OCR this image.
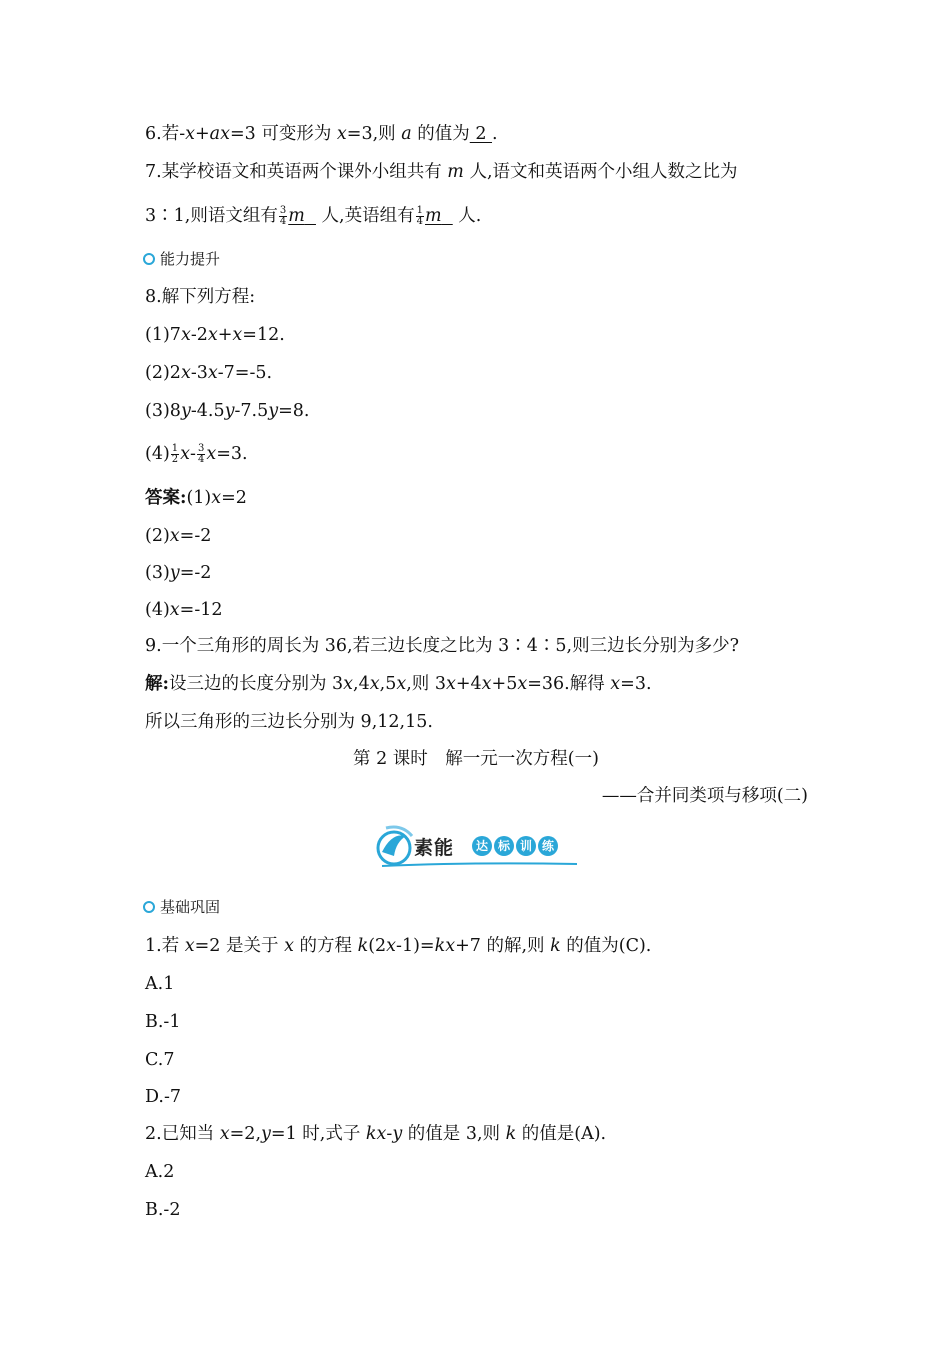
6.若-x+ax=3 可变形为 x=3,则 a 的值为 2 .
7.某学校语文和英语两个课外小组共有 m 人,语文和英语两个小组人数之比为
3∶1,则语文组有 $\frac{3}{4}$ m   人,英语组有 $\frac{1}{4}$ m   人.
能力提升
8.解下列方程:
(1)7x-2x+x=12.
(2)2x-3x-7=-5.
(3)8y-4.5y-7.5y=8.
$(4) \frac{1}{2} x- \frac{3}{4} x=3$.
答案:(1)x=2
(2)x=-2
(3)y=-2
(4)x=-12
9.一个三角形的周长为 36,若三边长度之比为 3∶4∶5,则三边长分别为多少?
解:设三边的长度分别为 3x,4x,5x,则 3x+4x+5x=36.解得 x=3.
所以三角形的三边长分别为 9,12,15.
第 2 课时　解一元一次方程(一)
——合并同类项与移项(二)
素能	达 标 训 练
基础巩固
1.若 x=2 是关于 x 的方程 k(2x-1)=kx+7 的解,则 k 的值为(C).
A.1
B.-1
C.7
D.-7
2.已知当 x=2,y=1 时,式子 kx-y 的值是 3,则 k 的值是(A).
A.2
B.-2
